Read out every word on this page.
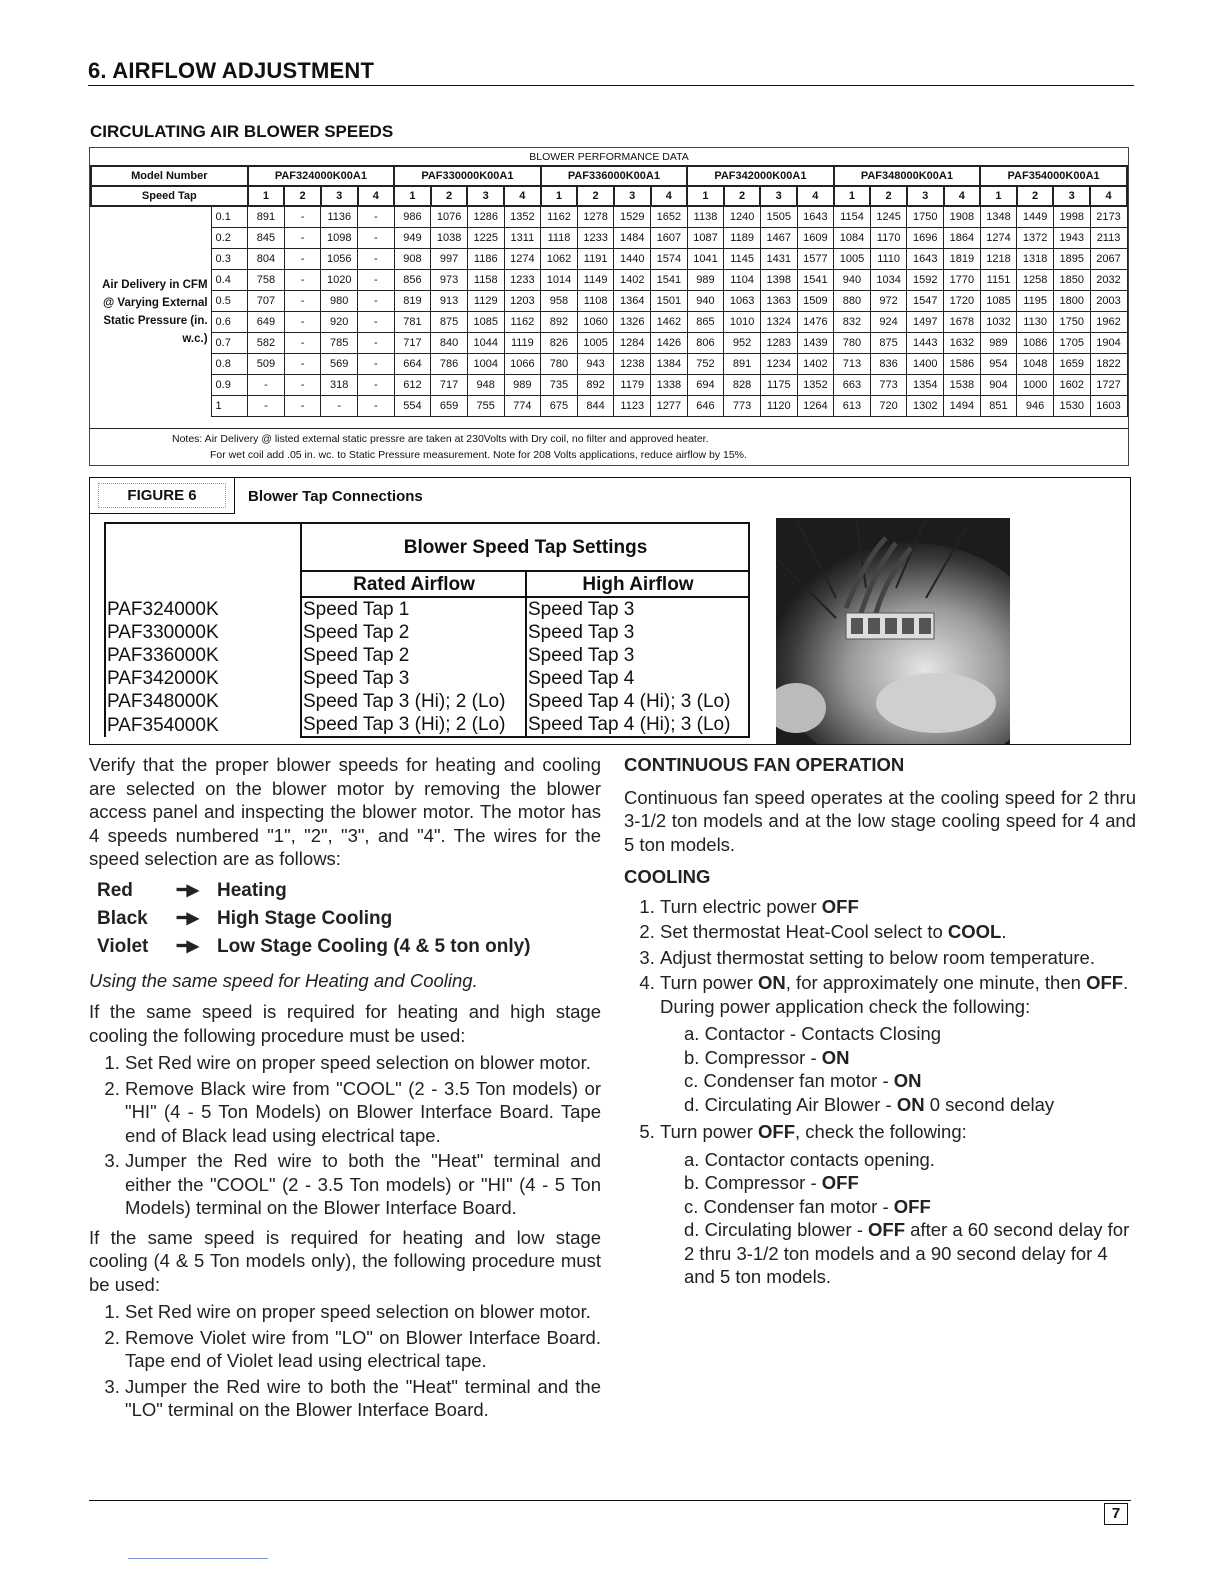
6. AIRFLOW ADJUSTMENT
CIRCULATING AIR BLOWER SPEEDS
BLOWER PERFORMANCE DATA																									
Model Number		PAF324000K00A1				PAF330000K00A1				PAF336000K00A1				PAF342000K00A1				PAF348000K00A1				PAF354000K00A1			
Speed Tap		1	2	3	4	1	2	3	4	1	2	3	4	1	2	3	4	1	2	3	4	1	2	3	4
Air Delivery in CFM @ Varying External Static Pressure (in. w.c.)	0.1	891	-	1136	-	986	1076	1286	1352	1162	1278	1529	1652	1138	1240	1505	1643	1154	1245	1750	1908	1348	1449	1998	2173
	0.2	845	-	1098	-	949	1038	1225	1311	1118	1233	1484	1607	1087	1189	1467	1609	1084	1170	1696	1864	1274	1372	1943	2113
	0.3	804	-	1056	-	908	997	1186	1274	1062	1191	1440	1574	1041	1145	1431	1577	1005	1110	1643	1819	1218	1318	1895	2067
	0.4	758	-	1020	-	856	973	1158	1233	1014	1149	1402	1541	989	1104	1398	1541	940	1034	1592	1770	1151	1258	1850	2032
	0.5	707	-	980	-	819	913	1129	1203	958	1108	1364	1501	940	1063	1363	1509	880	972	1547	1720	1085	1195	1800	2003
	0.6	649	-	920	-	781	875	1085	1162	892	1060	1326	1462	865	1010	1324	1476	832	924	1497	1678	1032	1130	1750	1962
	0.7	582	-	785	-	717	840	1044	1119	826	1005	1284	1426	806	952	1283	1439	780	875	1443	1632	989	1086	1705	1904
	0.8	509	-	569	-	664	786	1004	1066	780	943	1238	1384	752	891	1234	1402	713	836	1400	1586	954	1048	1659	1822
	0.9	-	-	318	-	612	717	948	989	735	892	1179	1338	694	828	1175	1352	663	773	1354	1538	904	1000	1602	1727
	1	-	-	-	-	554	659	755	774	675	844	1123	1277	646	773	1120	1264	613	720	1302	1494	851	946	1530	1603
Notes: Air Delivery @ listed external static pressre are taken at 230Volts with Dry coil, no filter and approved heater.
For wet coil add .05 in. wc. to Static Pressure measurement. Note for 208 Volts applications, reduce airflow by 15%.
FIGURE 6	Blower Tap Connections
	Blower Speed Tap Settings	
	Rated Airflow	High Airflow
PAF324000K	Speed Tap 1	Speed Tap 3
PAF330000K	Speed Tap 2	Speed Tap 3
PAF336000K	Speed Tap 2	Speed Tap 3
PAF342000K	Speed Tap 3	Speed Tap 4
PAF348000K	Speed Tap 3 (Hi); 2 (Lo)	Speed Tap 4 (Hi); 3 (Lo)
PAF354000K	Speed Tap 3 (Hi); 2 (Lo)	Speed Tap 4 (Hi); 3 (Lo)

Verify that the proper blower speeds for heating and cooling are selected on the blower motor by removing the blower access panel and inspecting the blower motor. The motor has 4 speeds numbered "1", "2", "3", and "4". The wires for the speed selection are as follows:

Red	━▶ Heating
Black	━▶ High Stage Cooling
Violet	━▶ Low Stage Cooling (4 & 5 ton only)

Using the same speed for Heating and Cooling.

If the same speed is required for heating and high stage cooling the following procedure must be used:

1. Set Red wire on proper speed selection on blower motor.
2. Remove Black wire from "COOL" (2 - 3.5 Ton models) or "HI" (4 - 5 Ton Models) on Blower Interface Board. Tape end of Black lead using electrical tape.
3. Jumper the Red wire to both the "Heat" terminal and either the "COOL" (2 - 3.5 Ton models) or "HI" (4 - 5 Ton Models) terminal on the Blower Interface Board.

If the same speed is required for heating and low stage cooling (4 & 5 Ton models only), the following procedure must be used:

1. Set Red wire on proper speed selection on blower motor.
2. Remove Violet wire from "LO" on Blower Interface Board. Tape end of Violet lead using electrical tape.
3. Jumper the Red wire to both the "Heat" terminal and the "LO" terminal on the Blower Interface Board.

CONTINUOUS FAN OPERATION

Continuous fan speed operates at the cooling speed for 2 thru 3-1/2 ton models and at the low stage cooling speed for 4 and 5 ton models.

COOLING

1. Turn electric power OFF
2. Set thermostat Heat-Cool select to COOL.
3. Adjust thermostat setting to below room temperature.
4. Turn power ON, for approximately one minute, then OFF. During power application check the following:
a. Contactor - Contacts Closing
b. Compressor - ON
c. Condenser fan motor - ON
d. Circulating Air Blower - ON 0 second delay
5. Turn power OFF, check the following:
a. Contactor contacts opening.
b. Compressor - OFF
c. Condenser fan motor - OFF
d. Circulating blower - OFF after a 60 second delay for 2 thru 3-1/2 ton models and a 90 second delay for 4 and 5 ton models.
7
